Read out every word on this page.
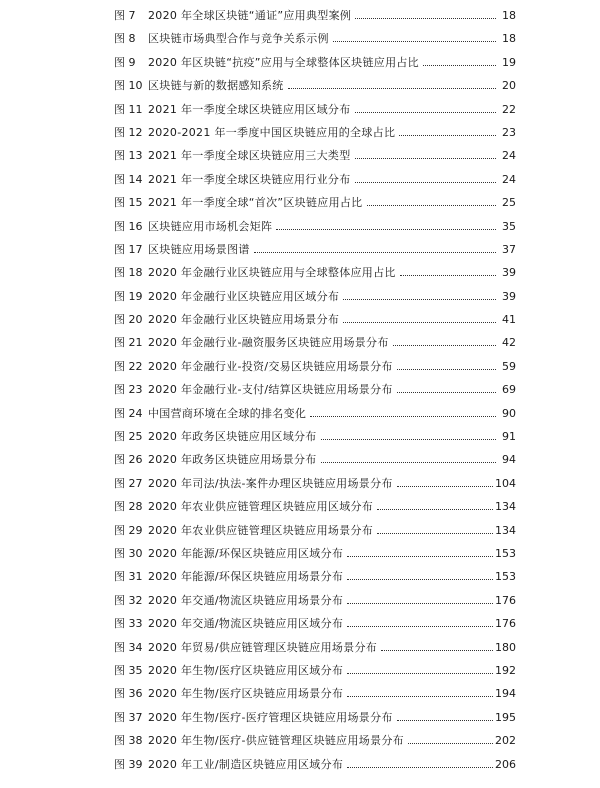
图 7	2020 年全球区块链“通证”应用典型案例	18
图 8	区块链市场典型合作与竞争关系示例	18
图 9	2020 年区块链“抗疫”应用与全球整体区块链应用占比	19
图 10 区块链与新的数据感知系统	20
图 11 2021 年一季度全球区块链应用区域分布	22
图 12 2020-2021 年一季度中国区块链应用的全球占比	23
图 13 2021 年一季度全球区块链应用三大类型	24
图 14 2021 年一季度全球区块链应用行业分布	24
图 15 2021 年一季度全球“首次”区块链应用占比	25
图 16 区块链应用市场机会矩阵	35
图 17 区块链应用场景图谱	37
图 18 2020 年金融行业区块链应用与全球整体应用占比	39
图 19 2020 年金融行业区块链应用区域分布	39
图 20 2020 年金融行业区块链应用场景分布	41
图 21 2020 年金融行业-融资服务区块链应用场景分布	42
图 22 2020 年金融行业-投资/交易区块链应用场景分布	59
图 23 2020 年金融行业-支付/结算区块链应用场景分布	69
图 24 中国营商环境在全球的排名变化	90
图 25 2020 年政务区块链应用区域分布	91
图 26 2020 年政务区块链应用场景分布	94
图 27 2020 年司法/执法-案件办理区块链应用场景分布	104
图 28 2020 年农业供应链管理区块链应用区域分布	134
图 29 2020 年农业供应链管理区块链应用场景分布	134
图 30 2020 年能源/环保区块链应用区域分布	153
图 31 2020 年能源/环保区块链应用场景分布	153
图 32 2020 年交通/物流区块链应用场景分布	176
图 33 2020 年交通/物流区块链应用区域分布	176
图 34 2020 年贸易/供应链管理区块链应用场景分布	180
图 35 2020 年生物/医疗区块链应用区域分布	192
图 36 2020 年生物/医疗区块链应用场景分布	194
图 37 2020 年生物/医疗-医疗管理区块链应用场景分布	195
图 38 2020 年生物/医疗-供应链管理区块链应用场景分布	202
图 39 2020 年工业/制造区块链应用区域分布	206
